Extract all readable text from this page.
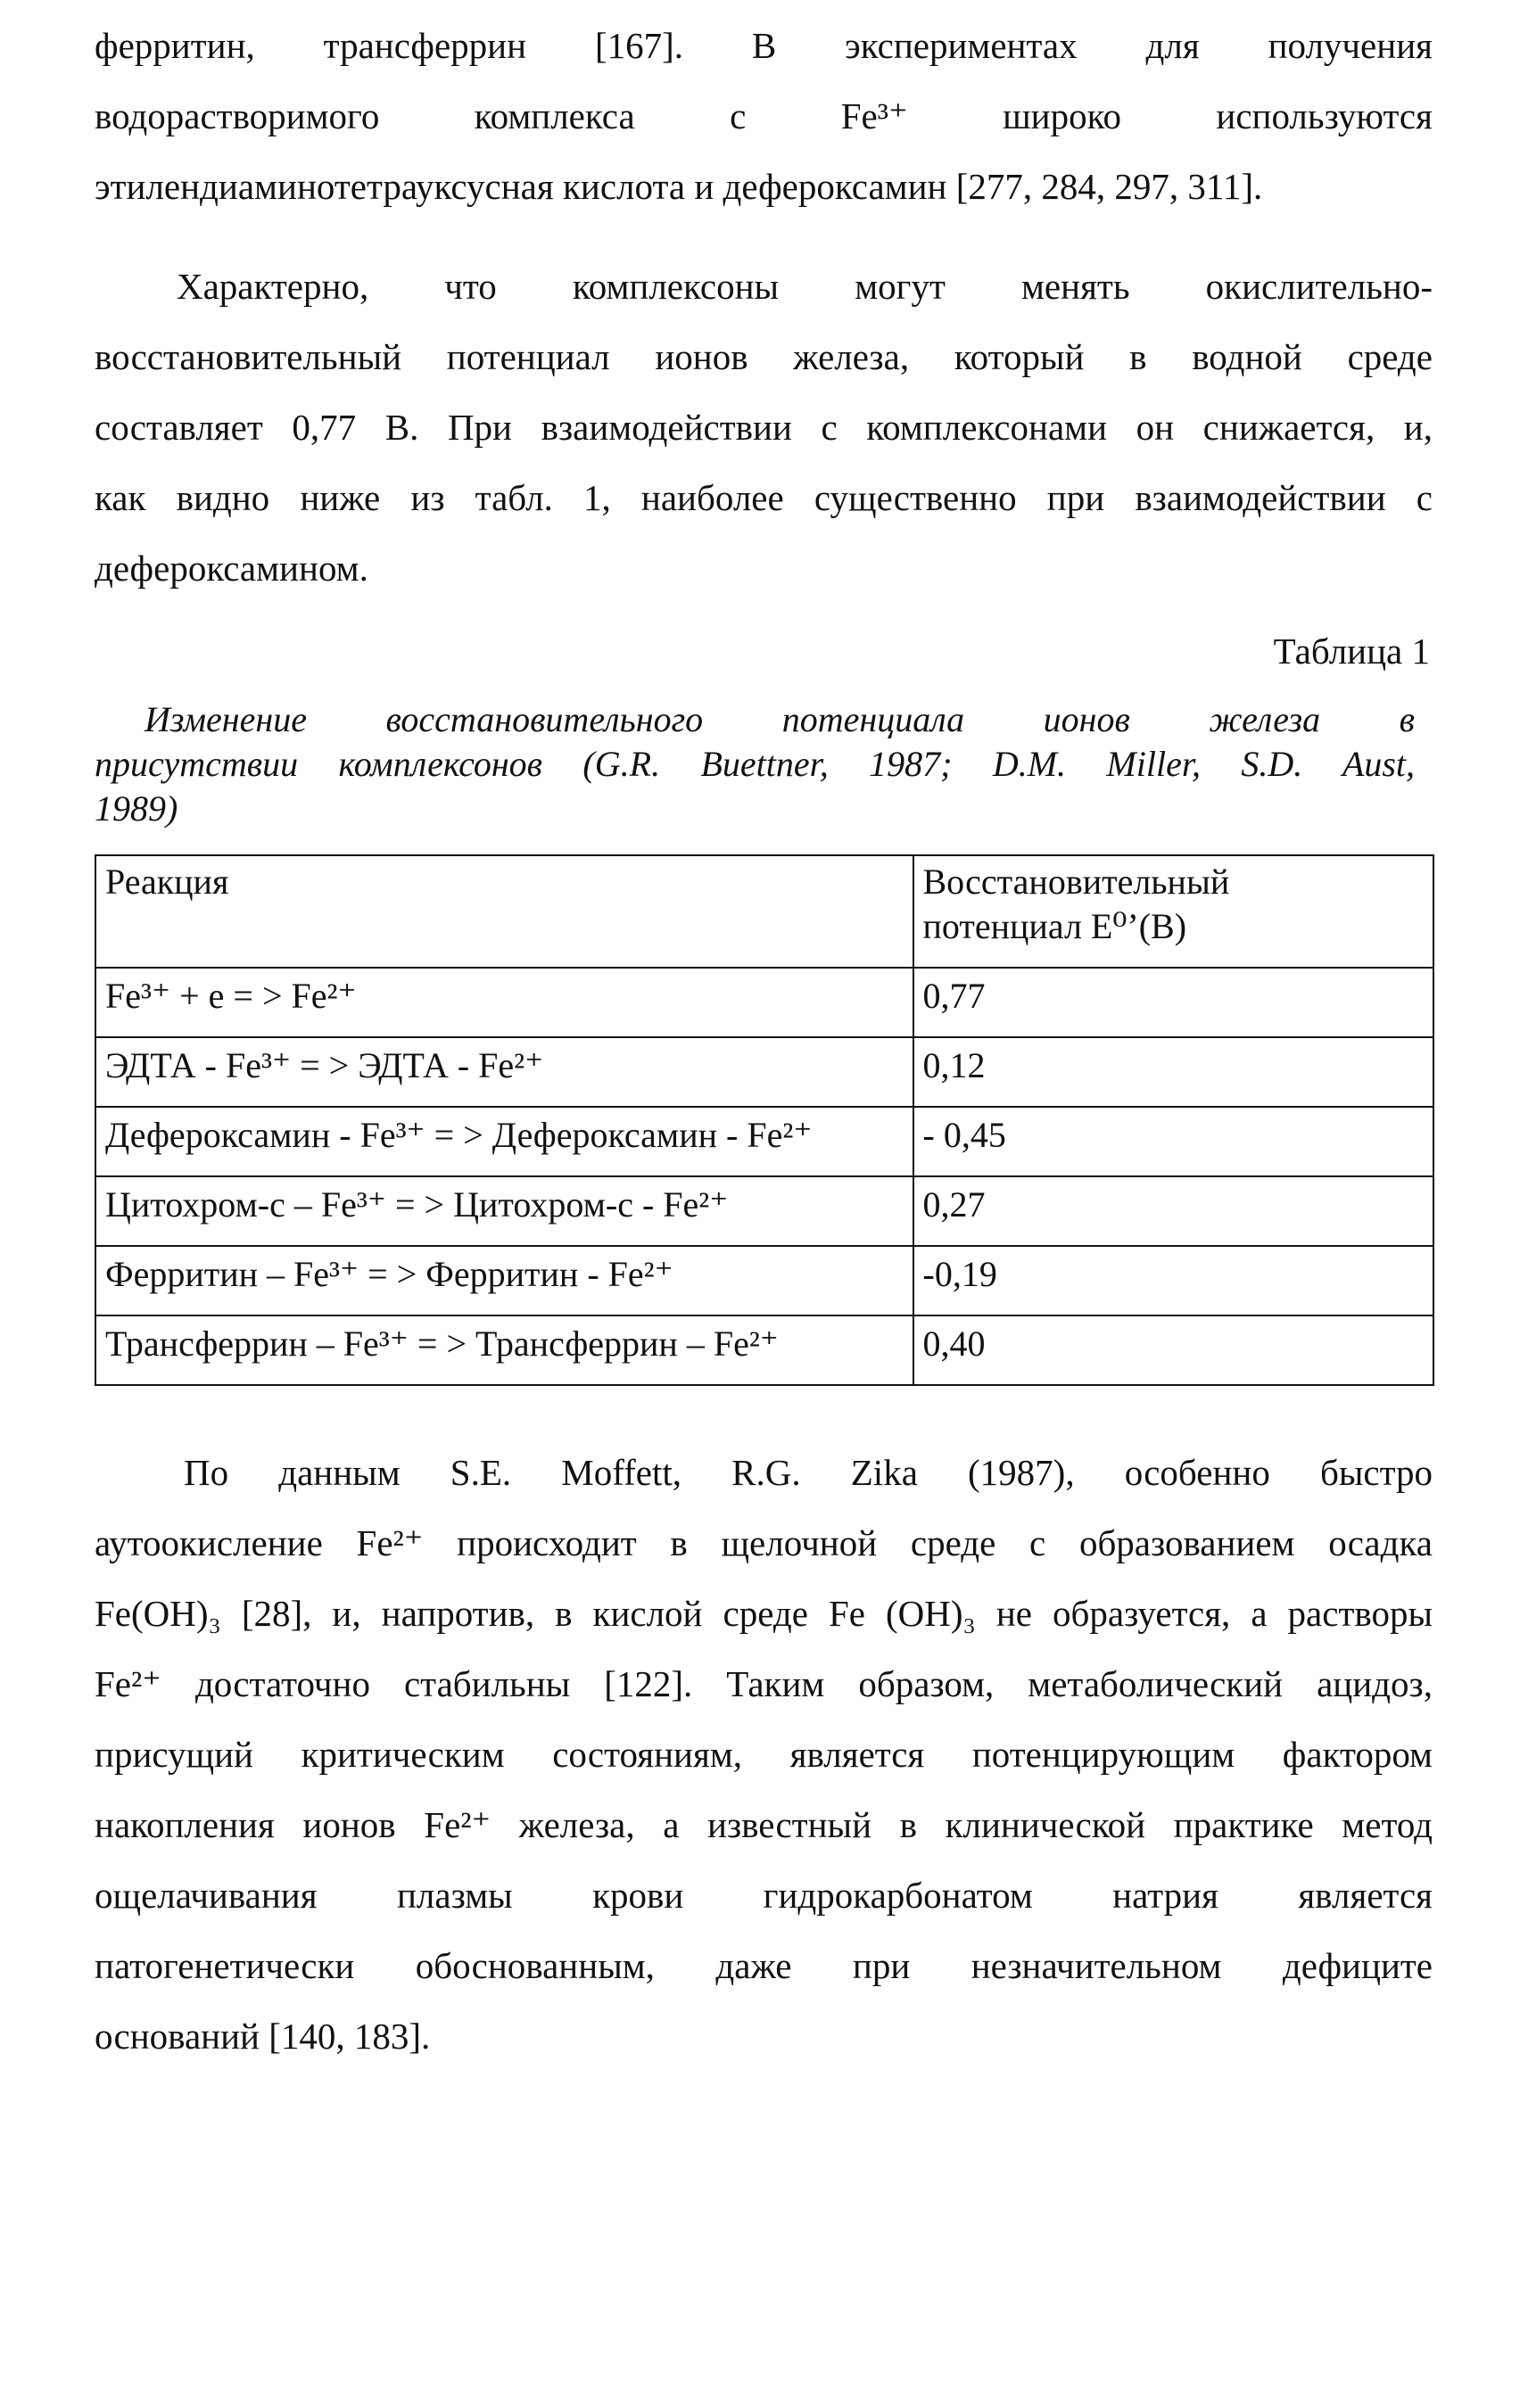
ферритин, трансферрин [167]. В экспериментах для получения
водорастворимого комплекса с Fe³⁺ широко используются
этилендиаминотетрауксусная кислота и дефероксамин [277, 284, 297, 311].
Характерно, что комплексоны могут менять окислительно-
восстановительный потенциал ионов железа, который в водной среде
составляет 0,77 В. При взаимодействии с комплексонами он снижается, и,
как видно ниже из табл. 1, наиболее существенно при взаимодействии с
дефероксамином.
Таблица 1
Изменение восстановительного потенциала ионов железа в
присутствии комплексонов (G.R. Buettner, 1987; D.M. Miller, S.D. Aust,
1989)
Реакция	Восстановительный
потенциал E⁰’(В)

Fe³⁺ + e = > Fe²⁺	0,77
ЭДТА - Fe³⁺ = > ЭДТА - Fe²⁺	0,12
Дефероксамин - Fe³⁺ = > Дефероксамин - Fe²⁺	- 0,45
Цитохром-с – Fe³⁺ = > Цитохром-с - Fe²⁺	0,27
Ферритин – Fe³⁺ = > Ферритин - Fe²⁺	-0,19
Трансферрин – Fe³⁺ = > Трансферрин – Fe²⁺	0,40
По данным S.E. Moffett, R.G. Zika (1987), особенно быстро
аутоокисление Fe²⁺ происходит в щелочной среде с образованием осадка
Fe(OH)₃ [28], и, напротив, в кислой среде Fe (OH)₃ не образуется, а растворы
Fe²⁺ достаточно стабильны [122]. Таким образом, метаболический ацидоз,
присущий критическим состояниям, является потенцирующим фактором
накопления ионов Fe²⁺ железа, а известный в клинической практике метод
ощелачивания плазмы крови гидрокарбонатом натрия является
патогенетически обоснованным, даже при незначительном дефиците
оснований [140, 183].
